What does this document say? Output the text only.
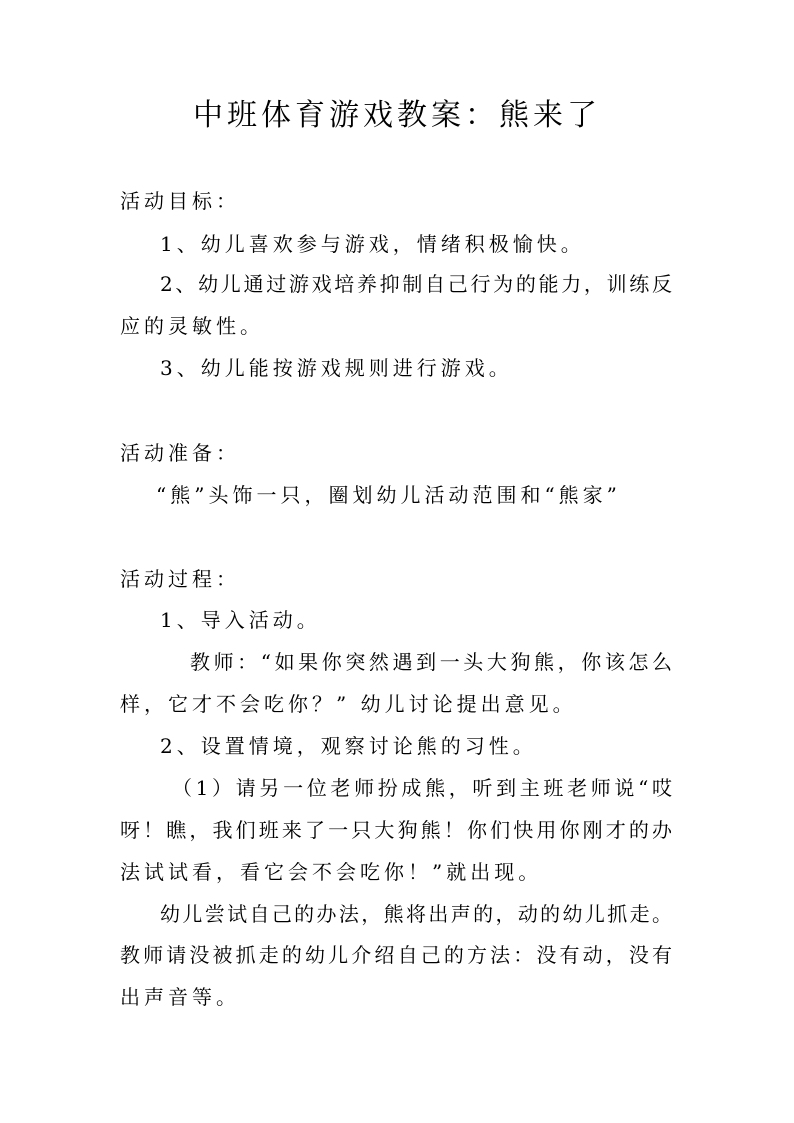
中班体育游戏教案：熊来了
活动目标：
1、幼儿喜欢参与游戏，情绪积极愉快。
2、幼儿通过游戏培养抑制自己行为的能力，训练反
应的灵敏性。
3、幼儿能按游戏规则进行游戏。
活动准备：
“熊”头饰一只，圈划幼儿活动范围和“熊家”
活动过程：
1、导入活动。
教师：“如果你突然遇到一头大狗熊，你该怎么
样，它才不会吃你？” 幼儿讨论提出意见。
2、设置情境，观察讨论熊的习性。
（1）请另一位老师扮成熊，听到主班老师说“哎
呀！瞧，我们班来了一只大狗熊！你们快用你刚才的办
法试试看，看它会不会吃你！”就出现。
幼儿尝试自己的办法，熊将出声的，动的幼儿抓走。
教师请没被抓走的幼儿介绍自己的方法：没有动，没有
出声音等。
